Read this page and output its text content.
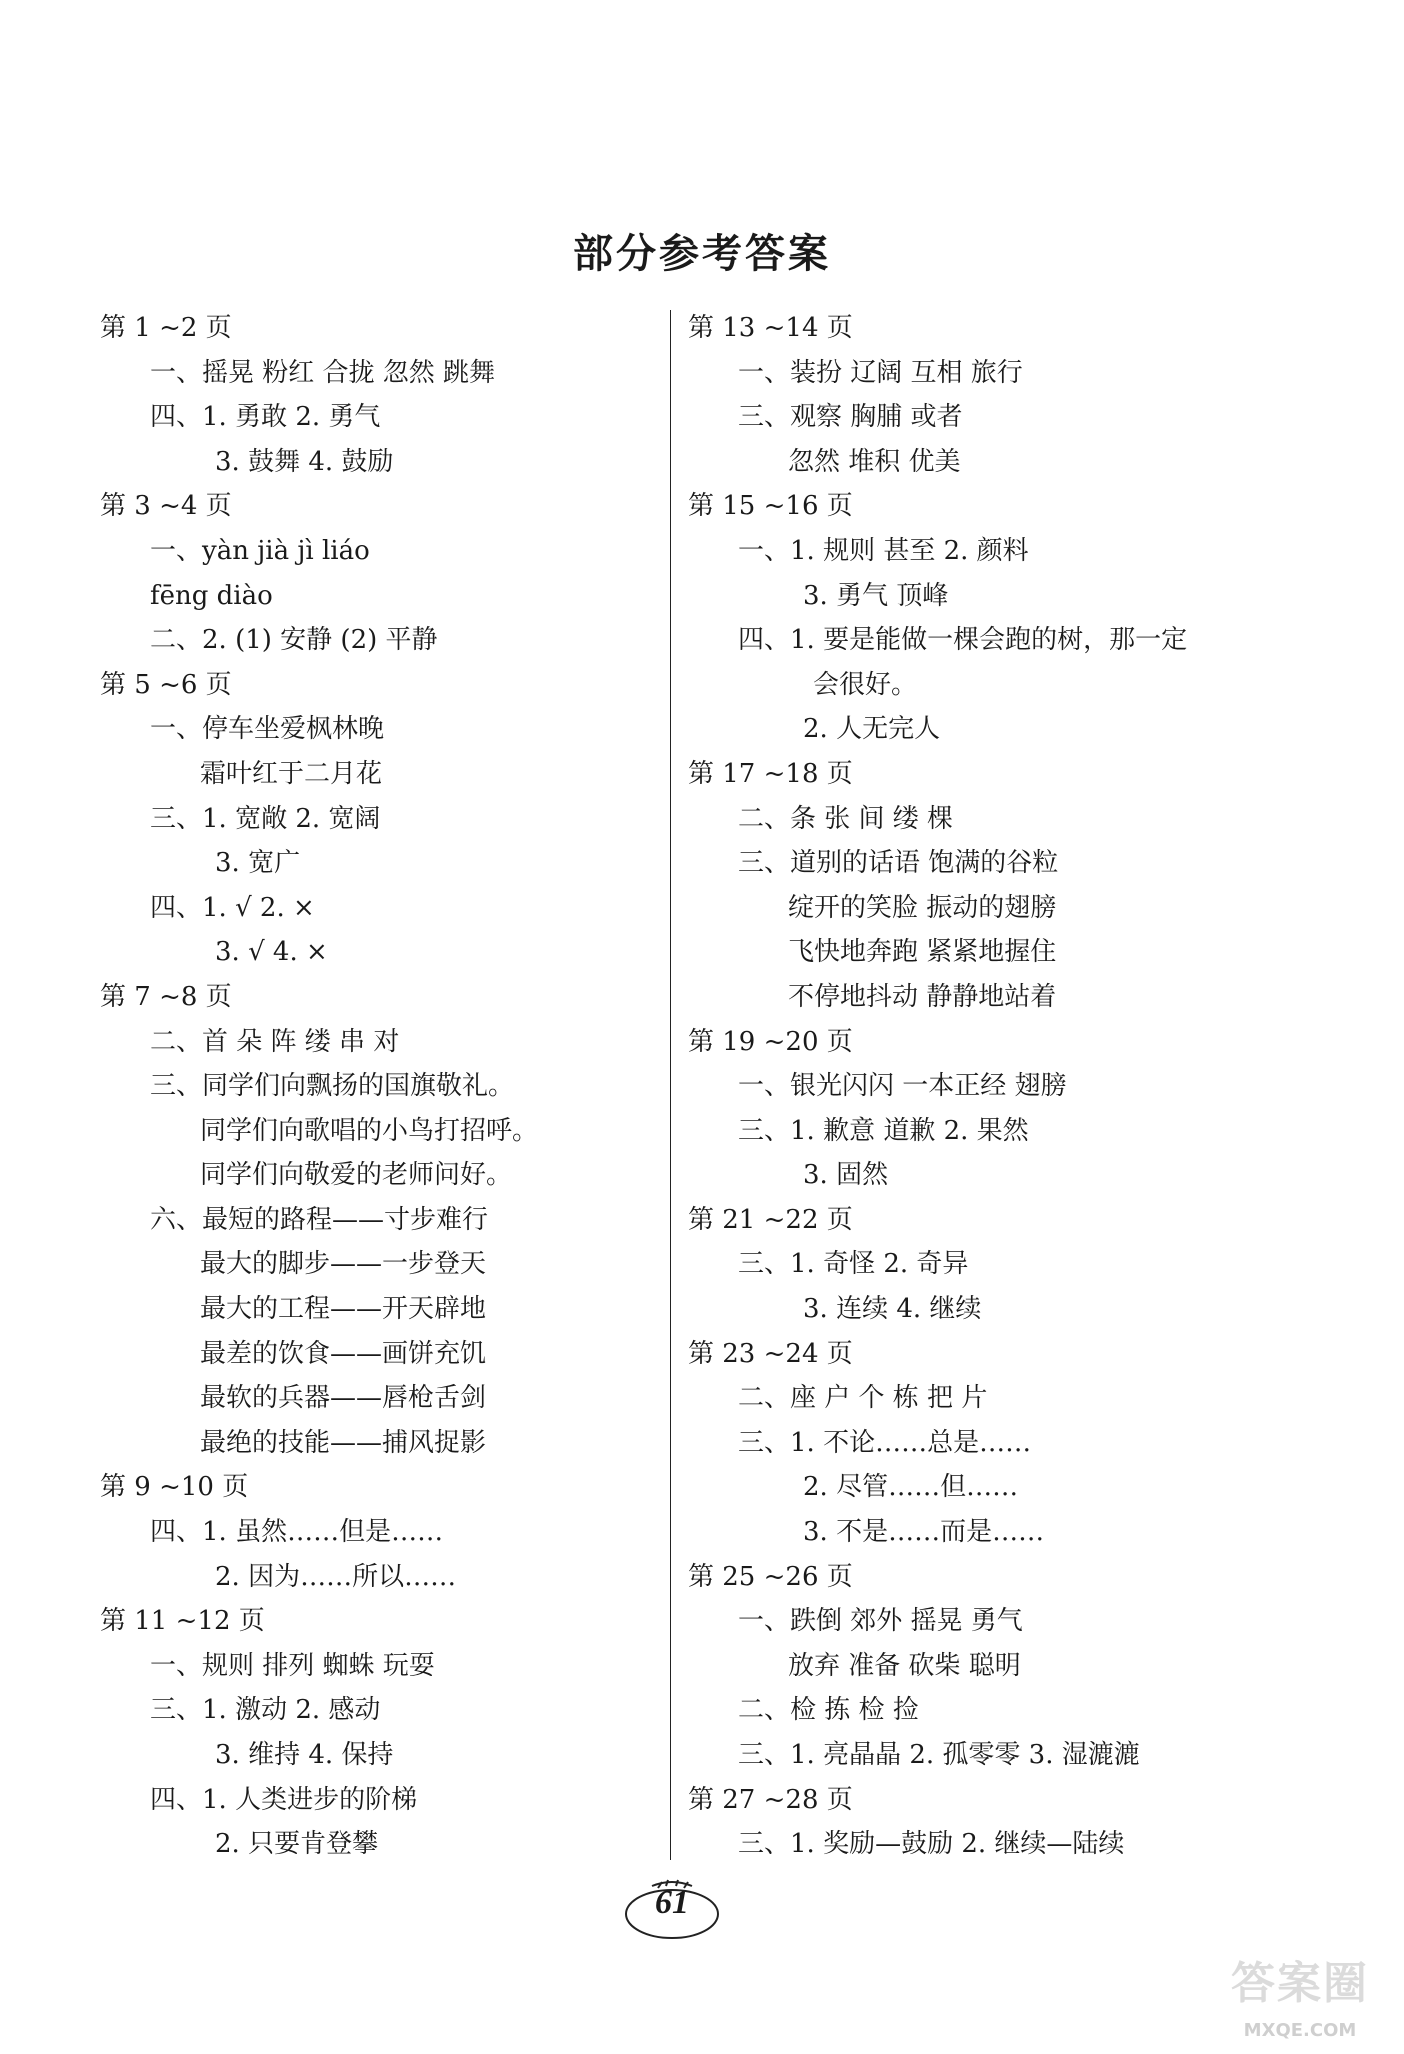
部分参考答案
第 1 ~2 页
一、摇晃 粉红 合拢 忽然 跳舞
四、1. 勇敢 2. 勇气
3. 鼓舞 4. 鼓励
第 3 ~4 页
一、yàn jià jì liáo
fēng diào
二、2. (1) 安静 (2) 平静
第 5 ~6 页
一、停车坐爱枫林晚
霜叶红于二月花
三、1. 宽敞 2. 宽阔
3. 宽广
四、1. √ 2. ×
3. √ 4. ×
第 7 ~8 页
二、首 朵 阵 缕 串 对
三、同学们向飘扬的国旗敬礼。
同学们向歌唱的小鸟打招呼。
同学们向敬爱的老师问好。
六、最短的路程——寸步难行
最大的脚步——一步登天
最大的工程——开天辟地
最差的饮食——画饼充饥
最软的兵器——唇枪舌剑
最绝的技能——捕风捉影
第 9 ~10 页
四、1. 虽然……但是……
2. 因为……所以……
第 11 ~12 页
一、规则 排列 蜘蛛 玩耍
三、1. 激动 2. 感动
3. 维持 4. 保持
四、1. 人类进步的阶梯
2. 只要肯登攀
第 13 ~14 页
一、装扮 辽阔 互相 旅行
三、观察 胸脯 或者
忽然 堆积 优美
第 15 ~16 页
一、1. 规则 甚至 2. 颜料
3. 勇气 顶峰
四、1. 要是能做一棵会跑的树，那一定
会很好。
2. 人无完人
第 17 ~18 页
二、条 张 间 缕 棵
三、道别的话语 饱满的谷粒
绽开的笑脸 振动的翅膀
飞快地奔跑 紧紧地握住
不停地抖动 静静地站着
第 19 ~20 页
一、银光闪闪 一本正经 翅膀
三、1. 歉意 道歉 2. 果然
3. 固然
第 21 ~22 页
三、1. 奇怪 2. 奇异
3. 连续 4. 继续
第 23 ~24 页
二、座 户 个 栋 把 片
三、1. 不论……总是……
2. 尽管……但……
3. 不是……而是……
第 25 ~26 页
一、跌倒 郊外 摇晃 勇气
放弃 准备 砍柴 聪明
二、检 拣 检 捡
三、1. 亮晶晶 2. 孤零零 3. 湿漉漉
第 27 ~28 页
三、1. 奖励—鼓励 2. 继续—陆续
61
答案圈
MXQE.COM
